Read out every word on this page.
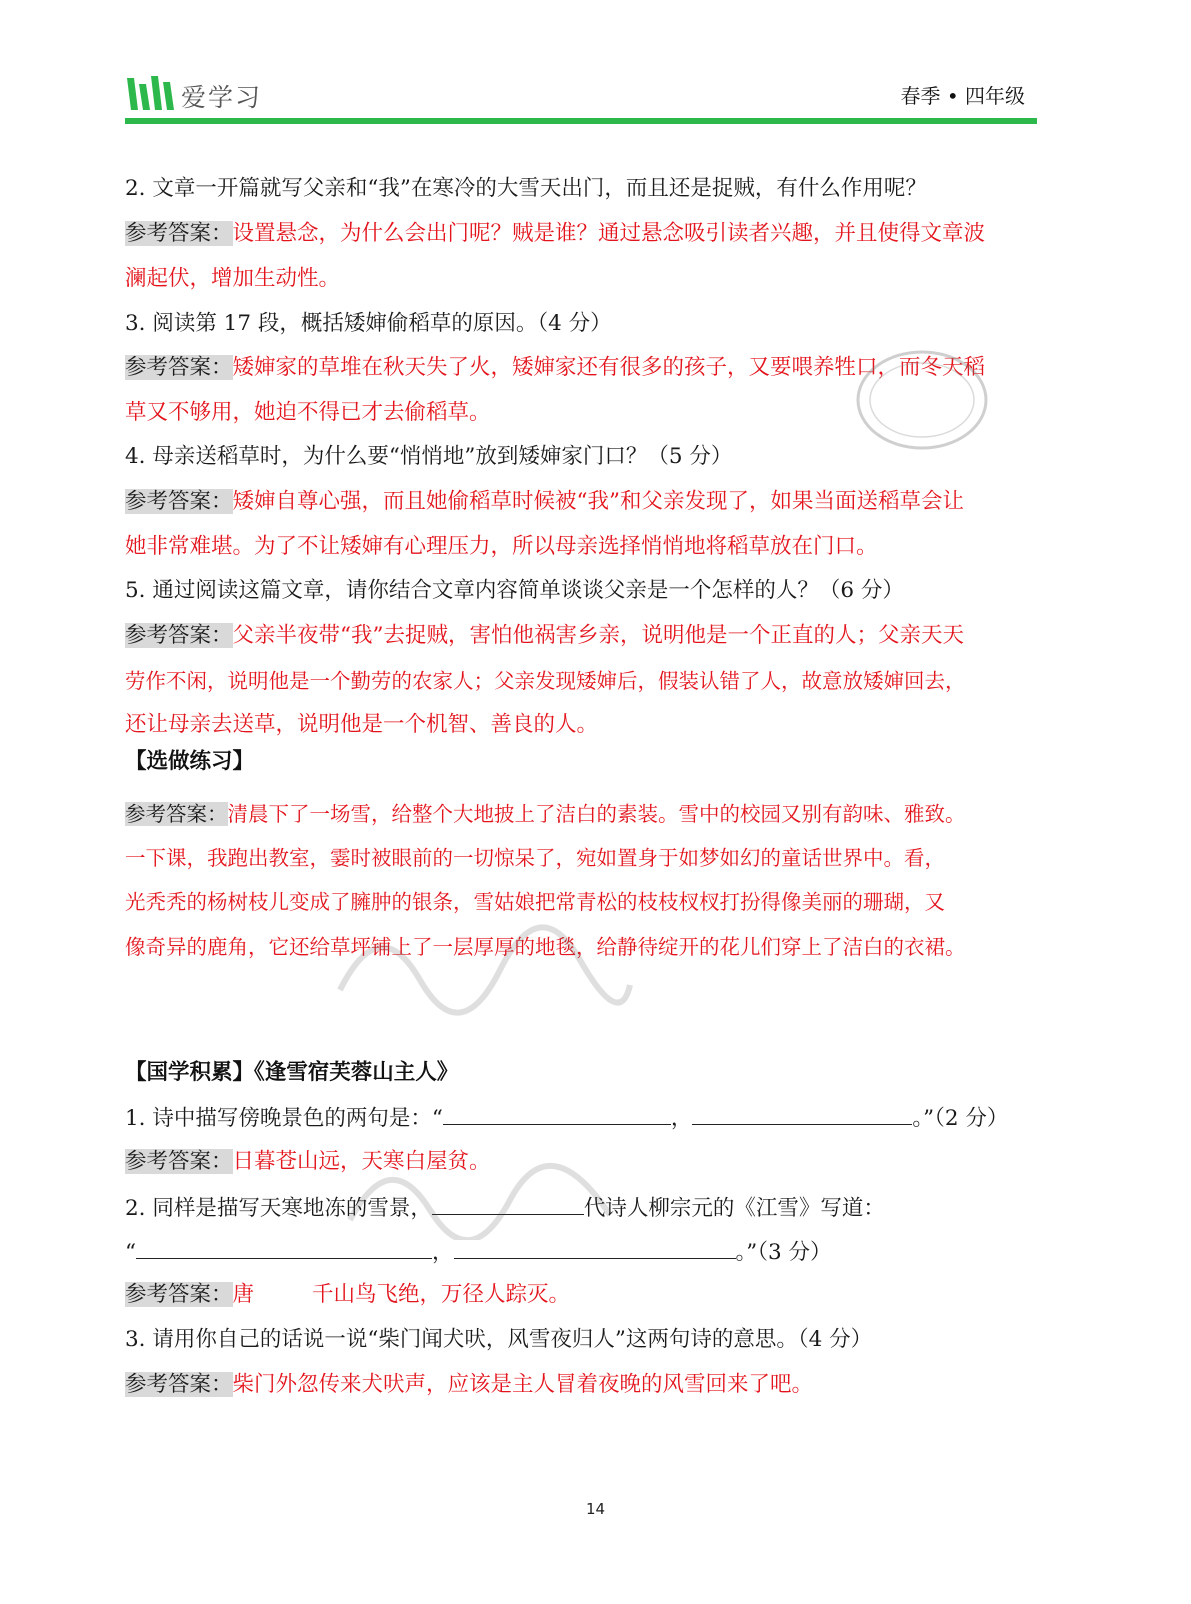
爱学习	春季 • 四年级
2. 文章一开篇就写父亲和“我”在寒冷的大雪天出门，而且还是捉贼，有什么作用呢？
参考答案：设置悬念，为什么会出门呢？贼是谁？通过悬念吸引读者兴趣，并且使得文章波
澜起伏，增加生动性。
3. 阅读第 17 段，概括矮婶偷稻草的原因。（4 分）
参考答案：矮婶家的草堆在秋天失了火，矮婶家还有很多的孩子，又要喂养牲口，而冬天稻
草又不够用，她迫不得已才去偷稻草。
4. 母亲送稻草时，为什么要“悄悄地”放到矮婶家门口？（5 分）
参考答案：矮婶自尊心强，而且她偷稻草时候被“我”和父亲发现了，如果当面送稻草会让
她非常难堪。为了不让矮婶有心理压力，所以母亲选择悄悄地将稻草放在门口。
5. 通过阅读这篇文章，请你结合文章内容简单谈谈父亲是一个怎样的人？（6 分）
参考答案：父亲半夜带“我”去捉贼，害怕他祸害乡亲，说明他是一个正直的人；父亲天天
劳作不闲，说明他是一个勤劳的农家人；父亲发现矮婶后，假装认错了人，故意放矮婶回去，
还让母亲去送草，说明他是一个机智、善良的人。
【选做练习】
参考答案：清晨下了一场雪，给整个大地披上了洁白的素装。雪中的校园又别有韵味、雅致。
一下课，我跑出教室，霎时被眼前的一切惊呆了，宛如置身于如梦如幻的童话世界中。看，
光秃秃的杨树枝儿变成了臃肿的银条，雪姑娘把常青松的枝枝杈杈打扮得像美丽的珊瑚，又
像奇异的鹿角，它还给草坪铺上了一层厚厚的地毯，给静待绽开的花儿们穿上了洁白的衣裙。
【国学积累】《逢雪宿芙蓉山主人》
1. 诗中描写傍晚景色的两句是：“	，	。”（2 分）
参考答案：日暮苍山远，天寒白屋贫。
2. 同样是描写天寒地冻的雪景，	代诗人柳宗元的《江雪》写道：
“	，	。”（3 分）
参考答案：唐	千山鸟飞绝，万径人踪灭。
3. 请用你自己的话说一说“柴门闻犬吠，风雪夜归人”这两句诗的意思。（4 分）
参考答案：柴门外忽传来犬吠声，应该是主人冒着夜晚的风雪回来了吧。
14
